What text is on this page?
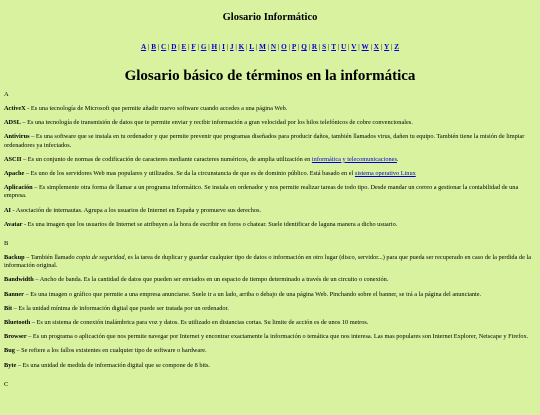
Glosario Informático
A | B | C | D | E | F | G | H | I | J | K | L | M | N | O | P | Q | R | S | T | U | V | W | X | Y | Z
Glosario básico de términos en la informática
A

ActiveX - Es una tecnología de Microsoft que permite añadir nuevo software cuando accedes a una página Web.

ADSL – Es una tecnología de transmisión de datos que te permite enviar y recibir información a gran velocidad por los hilos telefónicos de cobre convencionales.

Antivirus – Es una software que se instala en tu ordenador y que permite prevenir que programas diseñados para producir daños, también llamados virus, dañen tu equipo. También tiene la misión de limpiar ordenadores ya infectados.

ASCII – Es un conjunto de normas de codificación de caracteres mediante caracteres numéricos, de amplia utilización en informática y telecomunicaciones.

Apache – Es uno de los servidores Web mas populares y utilizados. Se da la circunstancia de que es de dominio público. Está basado en el sistema operativo Linux

Aplicación – Es simplemente otra forma de llamar a un programa informático. Se instala en ordenador y nos permite realizar tareas de todo tipo. Desde mandar un correo a gestionar la contabilidad de una empresa.

AI - Asociación de internautas. Agrupa a los usuarios de Internet en España y promueve sus derechos.

Avatar - Es una imagen que los usuarios de Internet se atribuyen a la hora de escribir en foros o chatear. Suele identificar de laguna manera a dicho usuario.

B

Backup – También llamado copia de seguridad, es la tarea de duplicar y guardar cualquier tipo de datos o información en otro lugar (disco, servidor...) para que pueda ser recuperado en caso de la perdida de la información original.

Bandwidth – Ancho de banda. Es la cantidad de datos que pueden ser enviados en un espacio de tiempo determinado a través de un circuito o conexión.

Banner – Es una imagen o gráfico que permite a una empresa anunciarse. Suele ir a un lado, arriba o debajo de una página Web. Pinchando sobre el banner, se irá a la página del anunciante.

Bit – Es la unidad mínima de información digital que puede ser tratada por un ordenador.

Bluetooth – Es un sistema de conexión inalámbrica para voz y datos. Es utilizado en distancias cortas. Su limite de acción es de unos 10 metros.

Browser – Es un programa o aplicación que nos permite navegar por Internet y encontrar exactamente la información o temática que nos interesa. Las mas populares son Internet Explorer, Netscape y Firefox.

Bug – Se refiere a los fallos existentes en cualquier tipo de software o hardware.

Byte – Es una unidad de medida de información digital que se compone de 8 bits.

C
